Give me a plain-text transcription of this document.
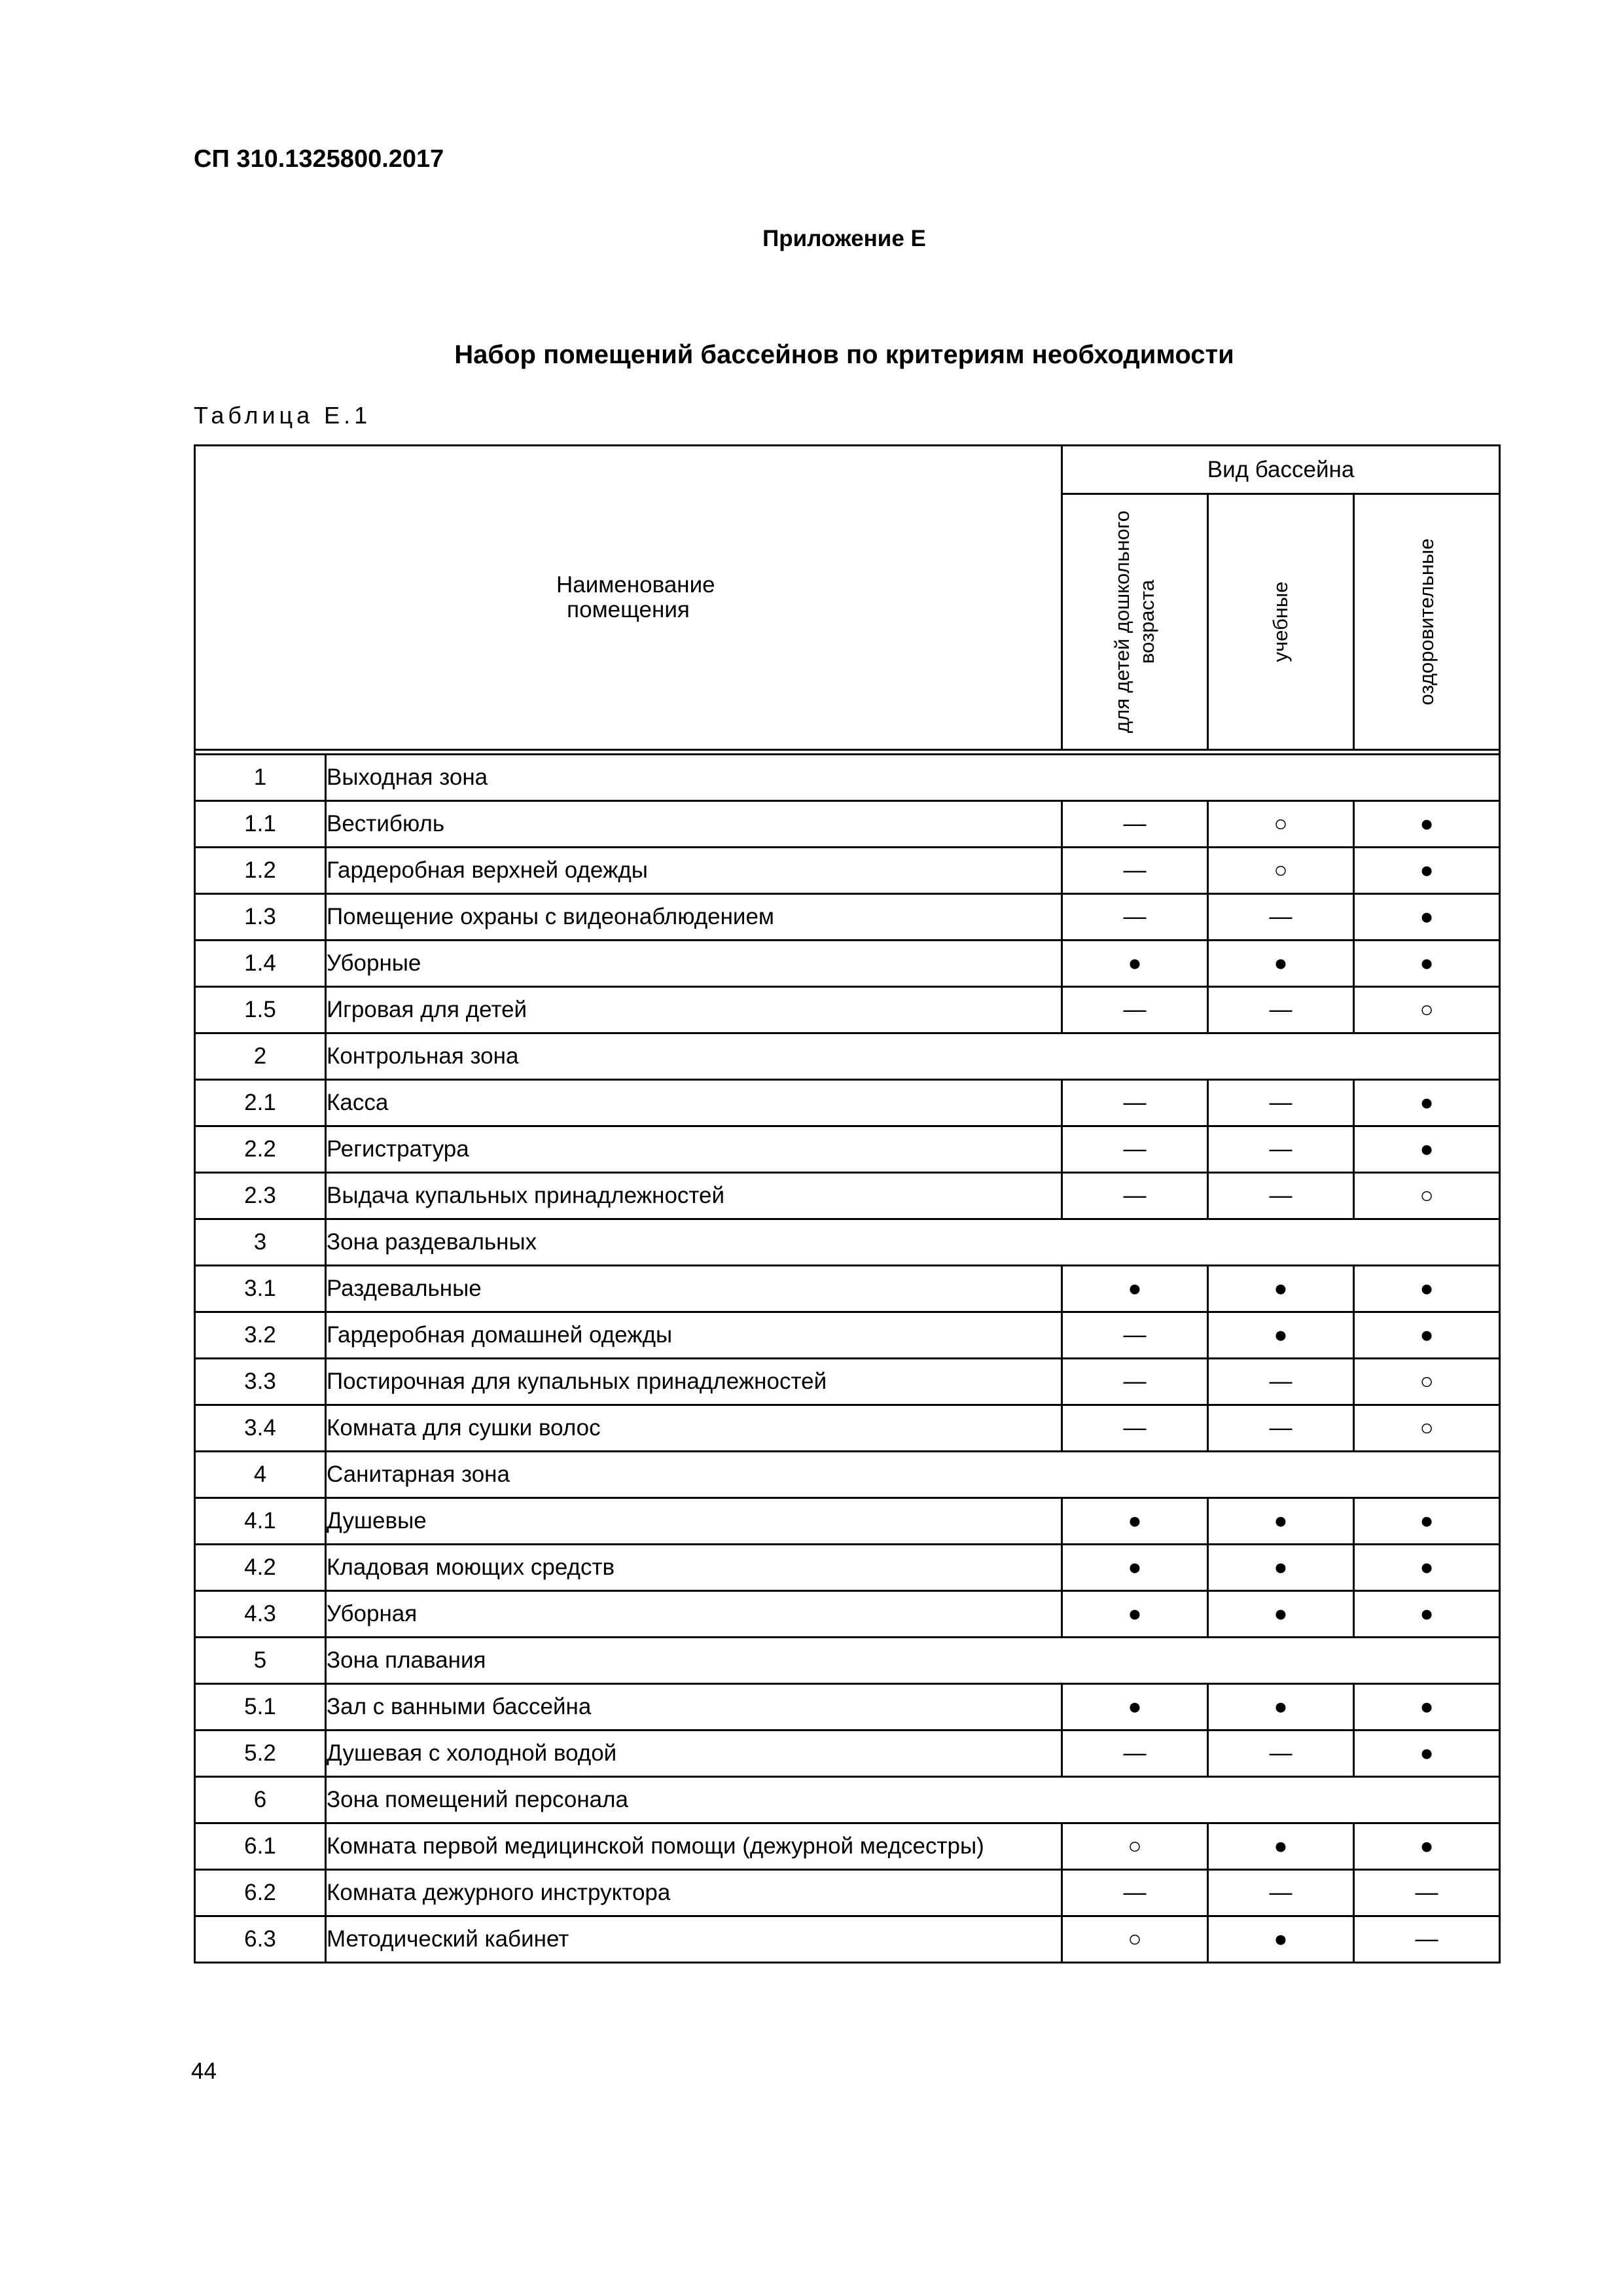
СП 310.1325800.2017
Приложение Е
Набор помещений бассейнов по критериям необходимости
Таблица Е.1
Наименование помещения		Вид бассейна		

		для детей дошкольного возраста	учебные	оздоровительные

1	Выходная зона			
1.1	Вестибюль	—	○	●
1.2	Гардеробная верхней одежды	—	○	●
1.3	Помещение охраны с видеонаблюдением	—	—	●
1.4	Уборные	●	●	●
1.5	Игровая для детей	—	—	○
2	Контрольная зона			
2.1	Касса	—	—	●
2.2	Регистратура	—	—	●
2.3	Выдача купальных принадлежностей	—	—	○
3	Зона раздевальных			
3.1	Раздевальные	●	●	●
3.2	Гардеробная домашней одежды	—	●	●
3.3	Постирочная для купальных принадлежностей	—	—	○
3.4	Комната для сушки волос	—	—	○
4	Санитарная зона			
4.1	Душевые	●	●	●
4.2	Кладовая моющих средств	●	●	●
4.3	Уборная	●	●	●
5	Зона плавания			
5.1	Зал с ванными бассейна	●	●	●
5.2	Душевая с холодной водой	—	—	●
6	Зона помещений персонала			
6.1	Комната первой медицинской помощи (дежурной медсестры)	○	●	●
6.2	Комната дежурного инструктора	—	—	—
6.3	Методический кабинет	○	●	—
44
